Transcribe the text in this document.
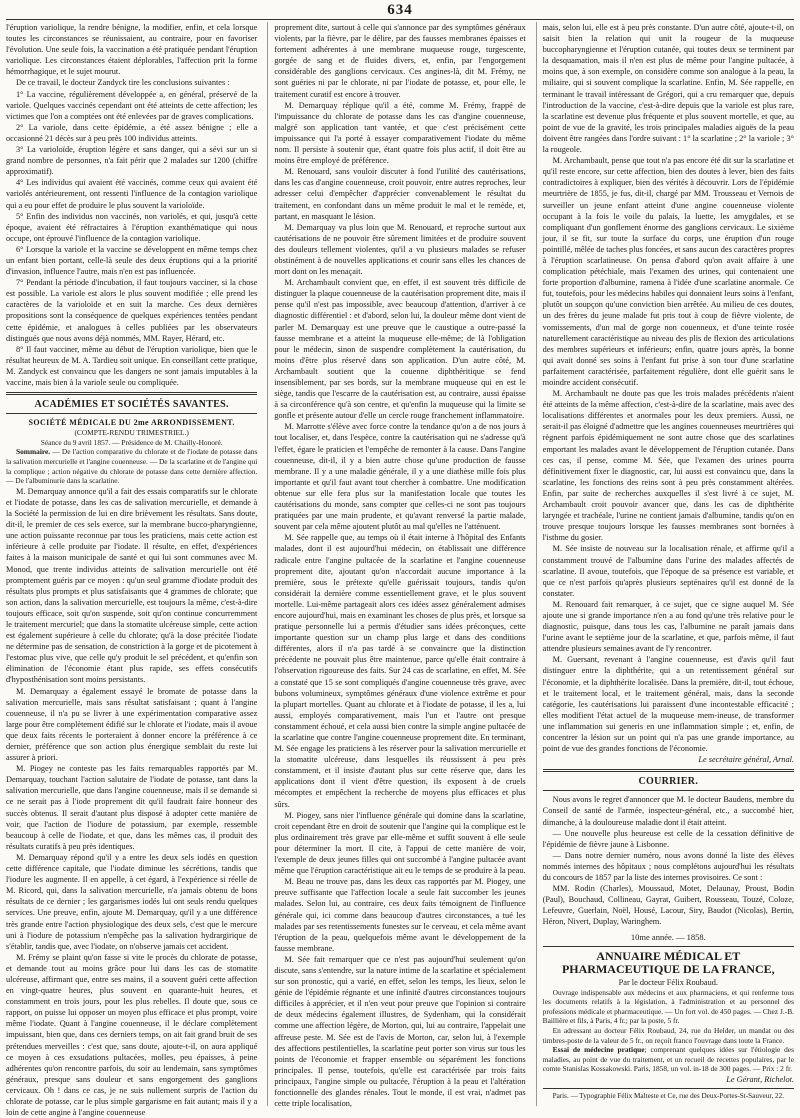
634

l'éruption variolique, la rendre bénigne, la modifier, enfin, et cela lorsque toutes les circonstances se réunissaient, au contraire, pour en favoriser l'évolution. Une seule fois, la vaccination a été pratiquée pendant l'éruption variolique. Les circonstances étaient déplorables, l'affection prit la forme hémorrhagique, et le sujet mourut.

De ce travail, le docteur Zandyck tire les conclusions suivantes :

1° La vaccine, régulièrement développée a, en général, préservé de la variole. Quelques vaccinés cependant ont été atteints de cette affection; les victimes que l'on a comptées ont été enlevées par de graves complications.

2° La variole, dans cette épidémie, a été assez bénigne ; elle a occasionné 21 décès sur à peu près 100 individus atteints.

3° La varioloïde, éruption légère et sans danger, qui a sévi sur un si grand nombre de personnes, n'a fait périr que 2 malades sur 1200 (chiffre approximatif).

4° Les individus qui avaient été vaccinés, comme ceux qui avaient été variolés antérieurement, ont ressenti l'influence de la contagion variolique qui a eu pour effet de produire le plus souvent la varioloïde.

5° Enfin des individus non vaccinés, non variolés, et qui, jusqu'à cette époque, avaient été réfractaires à l'éruption exanthématique qui nous occupe, ont éprouvé l'influence de la contagion variolique.

6° Lorsque la variole et la vaccine se développent en même temps chez un enfant bien portant, celle-là seule des deux éruptions qui a la priorité d'invasion, influence l'autre, mais n'en est pas influencée.

7° Pendant la période d'incubation, il faut toujours vacciner, si la chose est possible. La variole est alors le plus souvent modifiée ; elle prend les caractères de la varioloïde et en suit la marche. Ces deux dernières propositions sont la conséquence de quelques expériences tentées pendant cette épidémie, et analogues à celles publiées par les observateurs distingués que nous avons déjà nommés, MM. Rayer, Hérard, etc.

8° Il faut vacciner, même au début de l'éruption variolique, bien que le résultat heureux de M. A. Tardieu soit unique. En conseillant cette pratique, M. Zandyck est convaincu que les dangers ne sont jamais imputables à la vaccine, mais bien à la variole seule ou compliquée.

ACADÉMIES ET SOCIÉTÉS SAVANTES.
SOCIÉTÉ MÉDICALE DU 2me ARRONDISSEMENT.
(COMPTE-RENDU TRIMESTRIEL.)
Séance du 9 avril 1857. — Présidence de M. Chailly-Honoré.

Sommaire. — De l'action comparative du chlorate et de l'iodate de potasse dans la salivation mercurielle et l'angine couenneuse. — De la scarlatine et de l'angine qui la complique ; action négative du chlorate de potasse dans cette dernière affection. — De l'albuminurie dans la scarlatine.

M. Demarquay annonce qu'il a fait des essais comparatifs sur le chlorate et l'iodate de potasse, dans les cas de salivation mercurielle, et demande à la Société la permission de lui en dire brièvement les résultats. Sans doute, dit-il, le premier de ces sels exerce, sur la membrane bucco-pharyngienne, une action puissante reconnue par tous les praticiens, mais cette action est inférieure à celle produite par l'iodate. Il résulte, en effet, d'expériences faites à la maison municipale de santé et qui lui sont communes avec M. Monod, que trente individus atteints de salivation mercurielle ont été promptement guéris par ce moyen : qu'un seul gramme d'iodate produit des résultats plus prompts et plus satisfaisants que 4 grammes de chlorate; que son action, dans la salivation mercurielle, est toujours la même, c'est-à-dire toujours efficace, soit qu'on suspende, soit qu'on continue concurremment le traitement mercuriel; que dans la stomatite ulcéreuse simple, cette action est également supérieure à celle du chlorate; qu'à la dose précitée l'iodate ne détermine pas de sensation, de constriction à la gorge et de picotement à l'estomac plus vive, que celle qu'y produit le sel précédent, et qu'enfin son élimination de l'économie étant plus rapide, ses effets consécutifs d'hyposthénisation sont moins persistants.

M. Demarquay a également essayé le bromate de potasse dans la salivation mercurielle, mais sans résultat satisfaisant ; quant à l'angine couenneuse, il n'a pu se livrer à une expérimentation comparative assez large pour être complètement édifié sur le chlorate et l'iodate, mais il avoue que deux faits récents le porteraient à donner encore la préférence à ce dernier, préférence que son action plus énergique semblait du reste lui assurer à priori.

M. Piogey ne conteste pas les faits remarquables rapportés par M. Demarquay, touchant l'action salutaire de l'iodate de potasse, tant dans la salivation mercurielle, que dans l'angine couenneuse, mais il se demande si ce ne serait pas à l'iode proprement dit qu'il faudrait faire honneur des succès obtenus. Il serait d'autant plus disposé à adopter cette manière de voir, que l'action de l'iodure de potassium, par exemple, ressemble beaucoup à celle de l'iodate, et que, dans les mêmes cas, il produit des résultats curatifs à peu près identiques.

M. Demarquay répond qu'il y a entre les deux sels iodés en question cette différence capitale, que l'iodate diminue les sécrétions, tandis que l'iodure les augmente. Il en appelle, à cet égard, à l'expérience si réelle de M. Ricord, qui, dans la salivation mercurielle, n'a jamais obtenu de bons résultats de ce dernier ; les gargarismes iodés lui ont seuls rendu quelques services. Une preuve, enfin, ajoute M. Demarquay, qu'il y a une différence très grande entre l'action physiologique des deux sels, c'est que le mercure uni à l'iodure de potassium n'empêche pas la salivation hydrargirique de s'établir, tandis que, avec l'iodate, on n'observe jamais cet accident.

M. Frémy se plaint qu'on fasse si vite le procès du chlorate de potasse, et demande tout au moins grâce pour lui dans les cas de stomatite ulcéreuse, affirmant que, entre ses mains, il a souvent guéri cette affection en vingt-quatre heures, plus souvent en quarante-huit heures, et constamment en trois jours, pour les plus rebelles. Il doute que, sous ce rapport, on puisse lui opposer un moyen plus efficace et plus prompt, voire même l'iodate. Quant à l'angine couenneuse, il le déclare complètement impuissant, bien que, dans ces derniers temps, on ait fait grand bruit de ses prétendues merveilles : c'est que, sans doute, ajoute-t-il, on aura appliqué ce moyen à ces exsudations pultacées, molles, peu épaisses, à peine adhérentes qu'on rencontre parfois, du soir au lendemain, sans symptômes généraux, presque sans douleur et sans engorgement des ganglions cervicaux. Oh ! dans ce cas, je ne suis nullement surpris de l'action du chlorate de potasse, car le plus simple gargarisme en fait autant; mais il y a loin de cette angine à l'angine couenneuse

proprement dite, surtout à celle qui s'annonce par des symptômes généraux violents, par la fièvre, par le délire, par des fausses membranes épaisses et fortement adhérentes à une membrane muqueuse rouge, turgescente, gorgée de sang et de fluides divers, et, enfin, par l'engorgement considérable des ganglions cervicaux. Ces angines-là, dit M. Frémy, ne sont guéries ni par le chlorate, ni par l'iodate de potasse, et, pour elle, le traitement curatif est encore à trouver.

M. Demarquay réplique qu'il a été, comme M. Frémy, frappé de l'impuissance du chlorate de potasse dans les cas d'angine couenneuse, malgré son application tant vantée, et que c'est précisément cette impuissance qui l'a porté à essayer comparativement l'iodate du même nom. Il persiste à soutenir que, étant quatre fois plus actif, il doit être au moins être employé de préférence.

M. Renouard, sans vouloir discuter à fond l'utilité des cautérisations, dans les cas d'angine couenneuse, croit pouvoir, entre autres reproches, leur adresser celui d'empêcher d'apprécier convenablement le résultat du traitement, en confondant dans un même produit le mal et le remède, et, partant, en masquant le lésion.

M. Demarquay va plus loin que M. Renouard, et reproche surtout aux cautérisations de ne pouvoir être sûrement limitées et de produire souvent des douleurs tellement violentes, qu'il a vu plusieurs malades se refuser obstinément à de nouvelles applications et courir sans elles les chances de mort dont on les menaçait.

M. Archambault convient que, en effet, il est souvent très difficile de distinguer la plaque couenneuse de la cautérisation proprement dite, mais il pense qu'il n'est pas impossible, avec beaucoup d'attention, d'arriver à ce diagnostic différentiel : et d'abord, selon lui, la douleur même dont vient de parler M. Demarquay est une preuve que le caustique a outre-passé la fausse membrane et a atteint la muqueuse elle-même; de là l'obligation pour le médecin, sinon de suspendre complètement la cautérisation, du moins d'être plus réservé dans son application. D'un autre côté, M. Archambault soutient que la couenne diphthéritique se fend insensiblement, par ses bords, sur la membrane muqueuse qui en est le siège, tandis que l'escarre de la cautérisation est, au contraire, aussi épaisse à sa circonférence qu'à son centre, et qu'enfin la muqueuse qui la limite se gonfle et présente autour d'elle un cercle rouge franchement inflammatoire.

M. Marrotte s'élève avec force contre la tendance qu'on a de nos jours à tout localiser, et, dans l'espèce, contre la cautérisation qui ne s'adresse qu'à l'effet, égare le praticien et l'empêche de remonter à la cause. Dans l'angine couenneuse, dit-il, il y a bien autre chose qu'une production de fausse membrane. Il y a une maladie générale, il y a une diathèse mille fois plus importante et qu'il faut avant tout chercher à combattre. Une modification obtenue sur elle fera plus sur la manifestation locale que toutes les cautérisations du monde, sans compter que celles-ci ne sont pas toujours pratiquées par une main prudente, et qu'avant renversé la partie malade, souvent par cela même ajoutent plutôt au mal qu'elles ne l'atténuent.

M. Sée rappelle que, au temps où il était interne à l'hôpital des Enfants malades, dont il est aujourd'hui médecin, on établissait une différence radicale entre l'angine pultacée de la scarlatine et l'angine couenneuse proprement dite, ajoutant qu'on n'accordait aucune importance à la première, sous le prétexte qu'elle guérissait toujours, tandis qu'on considérait la dernière comme essentiellement grave, et le plus souvent mortelle. Lui-même partageait alors ces idées assez généralement admises encore aujourd'hui, mais en examinant les choses de plus près, et lorsque sa pratique personnelle lui a permis d'étudier sans idées préconçues, cette importante question sur un champ plus large et dans des conditions différentes, alors il n'a pas tardé à se convaincre que la distinction précédente ne pouvait plus être maintenue, parce qu'elle était contraire à l'observation rigoureuse des faits. Sur 24 cas de scarlatine, en effet, M. Sée a constaté que 15 se sont compliqués d'angine couenneuse très grave, avec bubons volumineux, symptômes généraux d'une violence extrême et pour la plupart mortelles. Quant au chlorate et à l'iodate de potasse, il les a, lui aussi, employés comparativement, mais l'un et l'autre ont presque constamment échoué, et cela aussi bien contre la simple angine pultacée de la scarlatine que contre l'angine couenneuse proprement dite. En terminant, M. Sée engage les praticiens à les réserver pour la salivation mercurielle et la stomatite ulcéreuse, dans lesquelles ils réussissent à peu près constamment, et il insiste d'autant plus sur cette réserve que, dans les applications dont il vient d'être question, ils exposent à de cruels mécomptes et empêchent la recherche de moyens plus efficaces et plus sûrs.

M. Piogey, sans nier l'influence générale qui domine dans la scarlatine, croit cependant être en droit de soutenir que l'angine qui la complique est le plus ordinairement très grave par elle-même et suffit souvent à elle seule pour déterminer la mort. Il cite, à l'appui de cette manière de voir, l'exemple de deux jeunes filles qui ont succombé à l'angine pultacée avant même que l'éruption caractéristique ait eu le temps de se produire à la peau.

M. Beau ne trouve pas, dans les deux cas rapportés par M. Piogey, une preuve suffisante que l'affection locale a seule fait succomber les jeunes malades. Selon lui, au contraire, ces deux faits témoignent de l'influence générale qui, ici comme dans beaucoup d'autres circonstances, a tué les malades par ses retentissements funestes sur le cerveau, et cela même avant l'éruption de la peau, quelquefois même avant le développement de la fausse membrane.

M. Sée fait remarquer que ce n'est pas aujourd'hui seulement qu'on discute, sans s'entendre, sur la nature intime de la scarlatine et spécialement sur son pronostic, qui a varié, en effet, selon les temps, les lieux, selon le génie de l'épidémie régnante et une infinité d'autres circonstances toujours difficiles à apprécier, et il n'en veut pour preuve que l'opinion si contraire de deux médecins également illustres, de Sydenham, qui la considérait comme une affection légère, de Morton, qui, lui au contraire, l'appelait une affreuse peste. M. Sée est de l'avis de Morton, car, selon lui, à l'exemple des affections pestilentielles, la scarlatine peut porter son virus sur tous les points de l'économie et frapper ensemble ou séparément les fonctions principales. Il pense, toutefois, qu'elle est caractérisée par trois faits principaux, l'angine simple ou pultacée, l'éruption à la peau et l'altération fonctionnelle des glandes rénales. Tout le monde, il est vrai, n'admet pas cette triple localisation,

mais, selon lui, elle est à peu près constante. D'un autre côté, ajoute-t-il, on saisit bien la relation qui unit la rougeur de la muqueuse buccopharyngienne et l'éruption cutanée, qui toutes deux se terminent par la desquamation, mais il n'en est plus de même pour l'angine pultacée, à moins que, à son exemple, on considère comme son analogue à la peau, la miliaire, qui si souvent complique la scarlatine. Enfin, M. Sée rappelle, en terminant le travail intéressant de Grégori, qui a cru remarquer que, depuis l'introduction de la vaccine, c'est-à-dire depuis que la variole est plus rare, la scarlatine est devenue plus fréquente et plus souvent mortelle, et que, au point de vue de la gravité, les trois principales maladies aiguës de la peau doivent être rangées dans l'ordre suivant : 1° la scarlatine ; 2° la variole ; 3° la rougeole.

M. Archambault, pense que tout n'a pas encore été dit sur la scarlatine et qu'il reste encore, sur cette affection, bien des doutes à lever, bien des faits contradictoires à expliquer, bien des vérités à découvrir. Lors de l'épidémie meurtrière de 1855, je fus, dit-il, chargé par MM. Trousseau et Vernois de surveiller un jeune enfant atteint d'une angine couenneuse violente occupant à la fois le voile du palais, la luette, les amygdales, et se compliquant d'un gonflement énorme des ganglions cervicaux. Le sixième jour, il se fit, sur toute la surface du corps, une éruption d'un rouge pointillé, mêlée de taches plus foncées, et sans aucun des caractères propres à l'éruption scarlatineuse. On pensa d'abord qu'on avait affaire à une complication pétéchiale, mais l'examen des urines, qui contenaient une forte proportion d'albumine, ramena à l'idée d'une scarlatine anormale. Ce fut, toutefois, pour les médecins habiles qui donnaient leurs soins à l'enfant, plutôt un soupçon qu'une conviction bien arrêtée. Au milieu de ces doutes, un des frères du jeune malade fut pris tout à coup de fièvre violente, de vomissements, d'un mal de gorge non couenneux, et d'une teinte rosée naturellement caractéristique au niveau des plis de flexion des articulations des membres supérieurs et inférieurs; enfin, quatre jours après, la bonne qui avait donné ses soins à l'enfant fut prise à son tour d'une scarlatine parfaitement caractérisée, parfaitement régulière, dont elle guérit sans le moindre accident consécutif.

M. Archambault ne doute pas que les trois malades précédents n'aient été atteints de la même affection, c'est-à-dire de la scarlatine, mais avec des localisations différentes et anormales pour les deux premiers. Aussi, ne serait-il pas éloigné d'admettre que les angines couenneuses meurtrières qui règnent parfois épidémiquement ne sont autre chose que des scarlatines emportant les malades avant le développement de l'éruption cutanée. Dans ces cas, il pense, comme M. Sée, que l'examen des urines pourra définitivement fixer le diagnostic, car, lui aussi est convaincu que, dans la scarlatine, les fonctions des reins sont à peu près constamment altérées. Enfin, par suite de recherches auxquelles il s'est livré à ce sujet, M. Archambault croit pouvoir avancer que, dans les cas de diphthérite laryngée et trachéale, l'urine ne contient jamais d'albumine, tandis qu'on en trouve presque toujours lorsque les fausses membranes sont bornées à l'isthme du gosier.

M. Sée insiste de nouveau sur la localisation rénale, et affirme qu'il a constamment trouvé de l'albumine dans l'urine des malades affectés de scarlatine. Il avoue, toutefois, que l'époque de sa présence est variable, et que ce n'est parfois qu'après plusieurs septénaires qu'il est donné de la constater.

M. Renouard fait remarquer, à ce sujet, que ce signe auquel M. Sée ajoute une si grande importance n'en a au fond qu'une très relative pour le diagnostic, puisque, dans tous les cas, l'albumine ne paraît jamais dans l'urine avant le septième jour de la scarlatine, et que, parfois même, il faut attendre plusieurs semaines avant de l'y rencontrer.

M. Guersant, revenant à l'angine couenneuse, est d'avis qu'il faut distinguer entre la diphthérite, qui a un retentissement général sur l'économie, et la diphthérite localisée. Dans la première, dit-il, tout échoue, et le traitement local, et le traitement général, mais, dans la seconde catégorie, les cautérisations lui paraissent d'une incontestable efficacité ; elles modifient l'état actuel de la muqueuse mem-ineuse, de transformer une inflammation sui generis en une inflammation simple ; et, enfin, de concentrer la lésion sur un point qui n'a pas une grande importance, au point de vue des grandes fonctions de l'économie.

Le secrétaire général, Arnal.

COURRIER.

Nous avons le regret d'annoncer que M. le docteur Baudens, membre du Conseil de santé de l'armée, inspecteur-général, etc., a succombé hier, dimanche, à la douloureuse maladie dont il était atteint.

— Une nouvelle plus heureuse est celle de la cessation définitive de l'épidémie de fièvre jaune à Lisbonne.

— Dans notre dernier numéro, nous avons donné la liste des élèves nommés internes des hôpitaux ; nous complétons aujourd'hui les résultats du concours de 1857 par la liste des internes provisoires. Ce sont :

MM. Rodin (Charles), Moussaud, Motet, Delaunay, Proust, Bodin (Paul), Bouchaud, Collineau, Gayrat, Guibert, Rousseau, Touzé, Coloze, Lefeuvre, Guerlain, Noël, Housé, Lacour, Siry, Baudot (Nicolas), Bertin, Héron, Nivert, Duplay, Waringhem.

10me année. — 1858.
ANNUAIRE MÉDICAL ET PHARMACEUTIQUE DE LA FRANCE,
Par le docteur Félix Roubaud.

Ouvrage indispensable aux médecins et aux pharmaciens, et qui renferme tous les documents relatifs à la législation, à l'administration et au personnel des professions médicale et pharmaceutique. — Un fort vol. de 450 pages. — Chez J.-B. Baillière et fils, à Paris, 4 fr.; par la poste, 5 fr.

En adressant au docteur Félix Roubaud, 24, rue du Helder, un mandat ou des timbres-poste de la valeur de 5 fr., on reçoit franco l'ouvrage dans toute la France.

Essai de médecine pratique; comprenant quelques idées sur l'étiologie des maladies, au point de vue du traitement, et un recueil de recettes populaires, par le comte Stanislas Kossakowski. Paris, 1858, un vol. in-18 de 300 pages. — Prix : 2 fr.

Le Gérant, Richelot.

Paris. — Typographie Félix Malteste et Ce, rue des Deux-Portes-St-Sauveur, 22.
